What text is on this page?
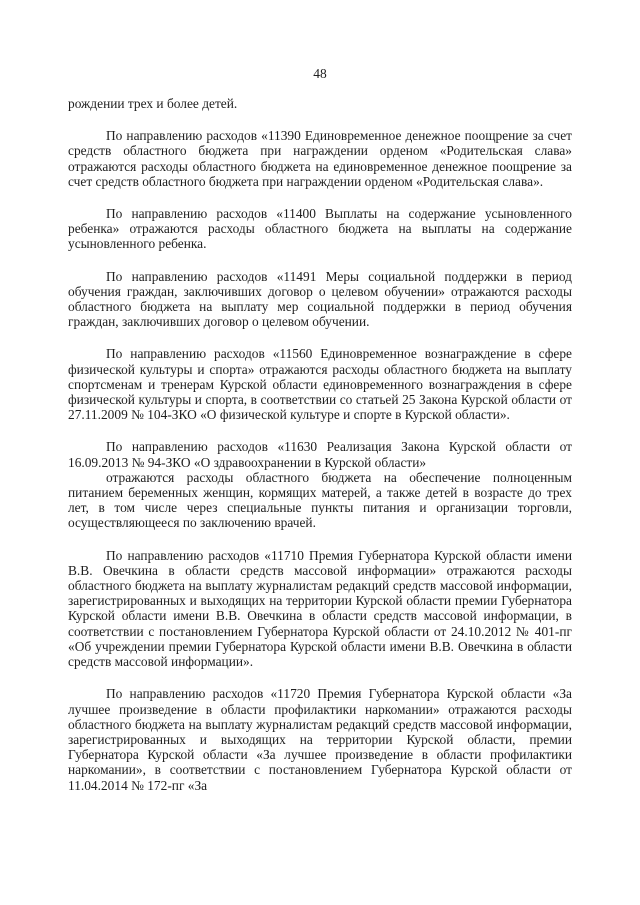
48

рождении трех и более детей.

По направлению расходов «11390 Единовременное денежное поощрение за счет средств областного бюджета при награждении орденом «Родительская слава» отражаются расходы областного бюджета на единовременное денежное поощрение за счет средств областного бюджета при награждении орденом «Родительская слава».

По направлению расходов «11400 Выплаты на содержание усыновленного ребенка» отражаются расходы областного бюджета на выплаты на содержание усыновленного ребенка.

По направлению расходов «11491 Меры социальной поддержки в период обучения граждан, заключивших договор о целевом обучении» отражаются расходы областного бюджета на выплату мер социальной поддержки в период обучения граждан, заключивших договор о целевом обучении.

По направлению расходов «11560 Единовременное вознаграждение в сфере физической культуры и спорта» отражаются расходы областного бюджета на выплату спортсменам и тренерам Курской области единовременного вознаграждения в сфере физической культуры и спорта, в соответствии со статьей 25 Закона Курской области от 27.11.2009 № 104-ЗКО «О физической культуре и спорте в Курской области».

По направлению расходов «11630 Реализация Закона Курской области от 16.09.2013 № 94-ЗКО «О здравоохранении в Курской области»

отражаются расходы областного бюджета на обеспечение полноценным питанием беременных женщин, кормящих матерей, а также детей в возрасте до трех лет, в том числе через специальные пункты питания и организации торговли, осуществляющееся по заключению врачей.

По направлению расходов «11710 Премия Губернатора Курской области имени В.В. Овечкина в области средств массовой информации» отражаются расходы областного бюджета на выплату журналистам редакций средств массовой информации, зарегистрированных и выходящих на территории Курской области премии Губернатора Курской области имени В.В. Овечкина в области средств массовой информации, в соответствии с постановлением Губернатора Курской области от 24.10.2012 № 401-пг «Об учреждении премии Губернатора Курской области имени В.В. Овечкина в области средств массовой информации».

По направлению расходов «11720 Премия Губернатора Курской области «За лучшее произведение в области профилактики наркомании» отражаются расходы областного бюджета на выплату журналистам редакций средств массовой информации, зарегистрированных и выходящих на территории Курской области, премии Губернатора Курской области «За лучшее произведение в области профилактики наркомании», в соответствии с постановлением Губернатора Курской области от 11.04.2014 № 172-пг «За
